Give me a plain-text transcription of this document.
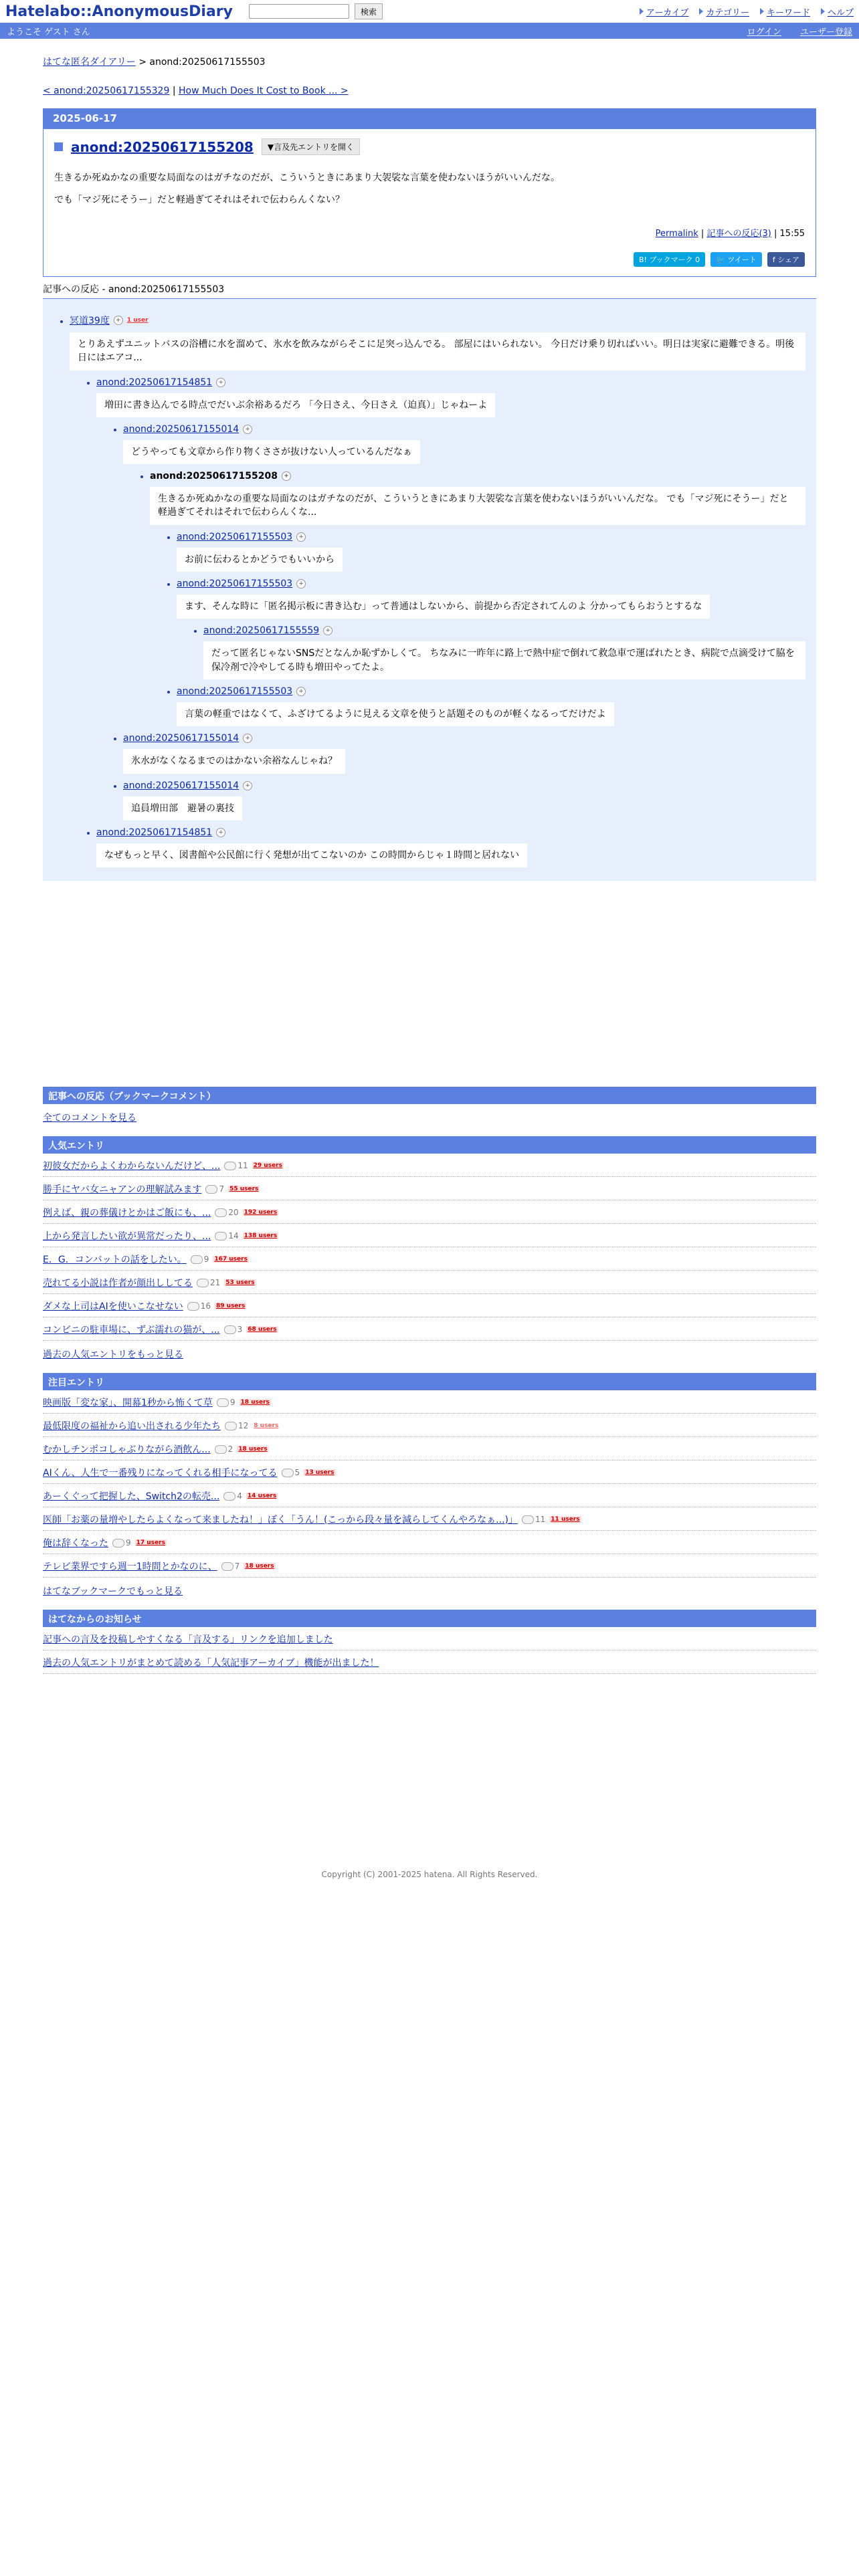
Hatelabo::AnonymousDiary	検索	アーカイブ カテゴリー キーワード ヘルプ
ようこそ ゲスト さん	ログイン ユーザー登録
はてな匿名ダイアリー > anond:20250617155503
< anond:20250617155329 | How Much Does It Cost to Book ... >
2025-06-17
anond:20250617155208	▼言及先エントリを開く

生きるか死ぬかなの重要な局面なのはガチなのだが、こういうときにあまり大袈裟な言葉を使わないほうがいいんだな。

でも「マジ死にそうー」だと軽過ぎてそれはそれで伝わらんくない？

Permalink | 記事への反応(3) | 15:55
B! ブックマーク 0	🐦 ツイート	f シェア
記事への反応 - anond:20250617155503
• 冥道39度	+	1 user
とりあえずユニットバスの浴槽に水を溜めて、氷水を飲みながらそこに足突っ込んでる。 部屋にはいられない。 今日だけ乗り切ればいい。明日は実家に避難できる。明後日にはエアコ...
• anond:20250617154851	+
増田に書き込んでる時点でだいぶ余裕あるだろ 「今日さえ、今日さえ（迫真）」じゃねーよ
• anond:20250617155014	+
どうやっても文章から作り物くささが抜けない人っているんだなぁ
• anond:20250617155208	+
生きるか死ぬかなの重要な局面なのはガチなのだが、こういうときにあまり大袈裟な言葉を使わないほうがいいんだな。 でも「マジ死にそうー」だと軽過ぎてそれはそれで伝わらんくな...
• anond:20250617155503	+
お前に伝わるとかどうでもいいから
• anond:20250617155503	+
ます、そんな時に「匿名掲示板に書き込む」って普通はしないから、前提から否定されてんのよ 分かってもらおうとするな
• anond:20250617155559	+
だって匿名じゃないSNSだとなんか恥ずかしくて。 ちなみに一昨年に路上で熱中症で倒れて救急車で運ばれたとき、病院で点滴受けて脇を保冷剤で冷やしてる時も増田やってたよ。
• anond:20250617155503	+
言葉の軽重ではなくて、ふざけてるように見える文章を使うと話題そのものが軽くなるってだけだよ
• anond:20250617155014	+
氷水がなくなるまでのはかない余裕なんじゃね？
• anond:20250617155014	+
追員増田部　避暑の裏技
• anond:20250617154851	+
なぜもっと早く、図書館や公民館に行く発想が出てこないのか この時間からじゃ１時間と居れない
記事への反応（ブックマークコメント）
全てのコメントを見る
人気エントリ
初彼女だからよくわからないんだけど、... 11 29 users
勝手にヤバ女ニャアンの理解試みます 7 55 users
例えば、親の葬儀けとかはご飯にも、... 20 192 users
上から発言したい欲が異常だったり、... 14 138 users
E．G．コンバットの話をしたい。 9 167 users
売れてる小説は作者が顔出ししてる 21 53 users
ダメな上司はAIを使いこなせない 16 89 users
コンビニの駐車場に、ずぶ濡れの猫が、... 3 68 users
過去の人気エントリをもっと見る
注目エントリ
映画版「変な家」、開幕1秒から怖くて草 9 18 users
最低限度の福祉から追い出される少年たち 12 8 users
むかしチンポコしゃぶりながら酒飲ん... 2 18 users
AIくん、人生で一番残りになってくれる相手になってる 5 13 users
あーくぐって把握した、Switch2の転売... 4 14 users
医師「お薬の量増やしたらよくなって来ましたね！」ぼく「うん！(こっから段々量を減らしてくんやろなぁ...)」 11 11 users
俺は辞くなった 9 17 users
テレビ業界ですら週一1時間とかなのに、 7 18 users
はてなブックマークでもっと見る
はてなからのお知らせ
記事への言及を投稿しやすくなる「言及する」リンクを追加しました
過去の人気エントリがまとめて読める「人気記事アーカイブ」機能が出ました！
Copyright (C) 2001-2025 hatena. All Rights Reserved.
